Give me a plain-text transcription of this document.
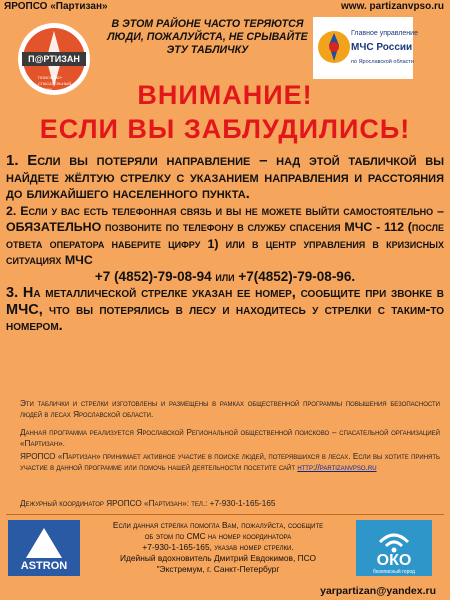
ЯРОПСО «Партизан»	www. partizanvpso.ru
П@РТИЗАН
поисково-спасательный отряд
В ЭТОМ РАЙОНЕ ЧАСТО ТЕРЯЮТСЯ ЛЮДИ, ПОЖАЛУЙСТА, НЕ СРЫВАЙТЕ ЭТУ ТАБЛИЧКУ
Главное управление
МЧС России
по Ярославской области
ВНИМАНИЕ!
ЕСЛИ ВЫ ЗАБЛУДИЛИСЬ!

1. Если вы потеряли направление – над этой табличкой вы найдете жёлтую стрелку с указанием направления и расстояния до ближайшего населенного пункта.

2. Если у вас есть телефонная связь и вы не можете выйти самостоятельно – ОБЯЗАТЕЛЬНО позвоните по телефону в службу спасения МЧС - 112 (после ответа оператора наберите цифру 1) или в центр управления в кризисных ситуациях МЧС

+7 (4852)-79-08-94 или +7(4852)-79-08-96.

3. На металлической стрелке указан ее номер, сообщите при звонке в МЧС, что вы потерялись в лесу и находитесь у стрелки с таким-то номером.

Эти таблички и стрелки изготовлены и размещены в рамках общественной программы повышения безопасности людей в лесах Ярославской области.
Данная программа реализуется Ярославской Региональной общественной поисково – спасательной организацией «Партизан».
ЯРОПСО «Партизан» принимает активное участие в поиске людей, потерявшихся в лесах. Если вы хотите принять участие в данной программе или помочь нашей деятельности посетите сайт http://partizanvpso.ru
Дежурный координатор ЯРОПСО «Партизан»: тел.: +7-930-1-165-165
ASTRON
Если данная стрелка помогла Вам, пожалуйста, сообщите
об этом по СМС на номер координатора
+7-930-1-165-165, указав номер стрелки.
Идейный вдохновитель Дмитрий Евдокимов, ПСО
"Экстремум, г. Санкт-Петербург	ОКО
безопасный город
yarpartizan@yandex.ru
